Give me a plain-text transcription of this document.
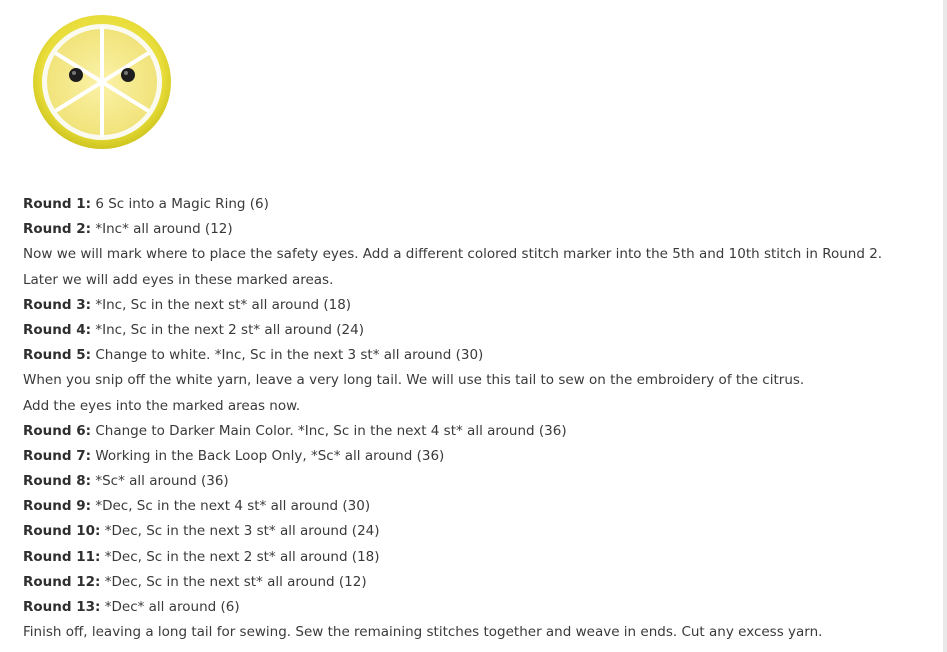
Round 1: 6 Sc into a Magic Ring (6)
Round 2: *Inc* all around (12)
Now we will mark where to place the safety eyes. Add a different colored stitch marker into the 5th and 10th stitch in Round 2.
Later we will add eyes in these marked areas.
Round 3: *Inc, Sc in the next st* all around (18)
Round 4: *Inc, Sc in the next 2 st* all around (24)
Round 5: Change to white. *Inc, Sc in the next 3 st* all around (30)
When you snip off the white yarn, leave a very long tail. We will use this tail to sew on the embroidery of the citrus.
Add the eyes into the marked areas now.
Round 6: Change to Darker Main Color. *Inc, Sc in the next 4 st* all around (36)
Round 7: Working in the Back Loop Only, *Sc* all around (36)
Round 8: *Sc* all around (36)
Round 9: *Dec, Sc in the next 4 st* all around (30)
Round 10: *Dec, Sc in the next 3 st* all around (24)
Round 11: *Dec, Sc in the next 2 st* all around (18)
Round 12: *Dec, Sc in the next st* all around (12)
Round 13: *Dec* all around (6)
Finish off, leaving a long tail for sewing. Sew the remaining stitches together and weave in ends. Cut any excess yarn.
